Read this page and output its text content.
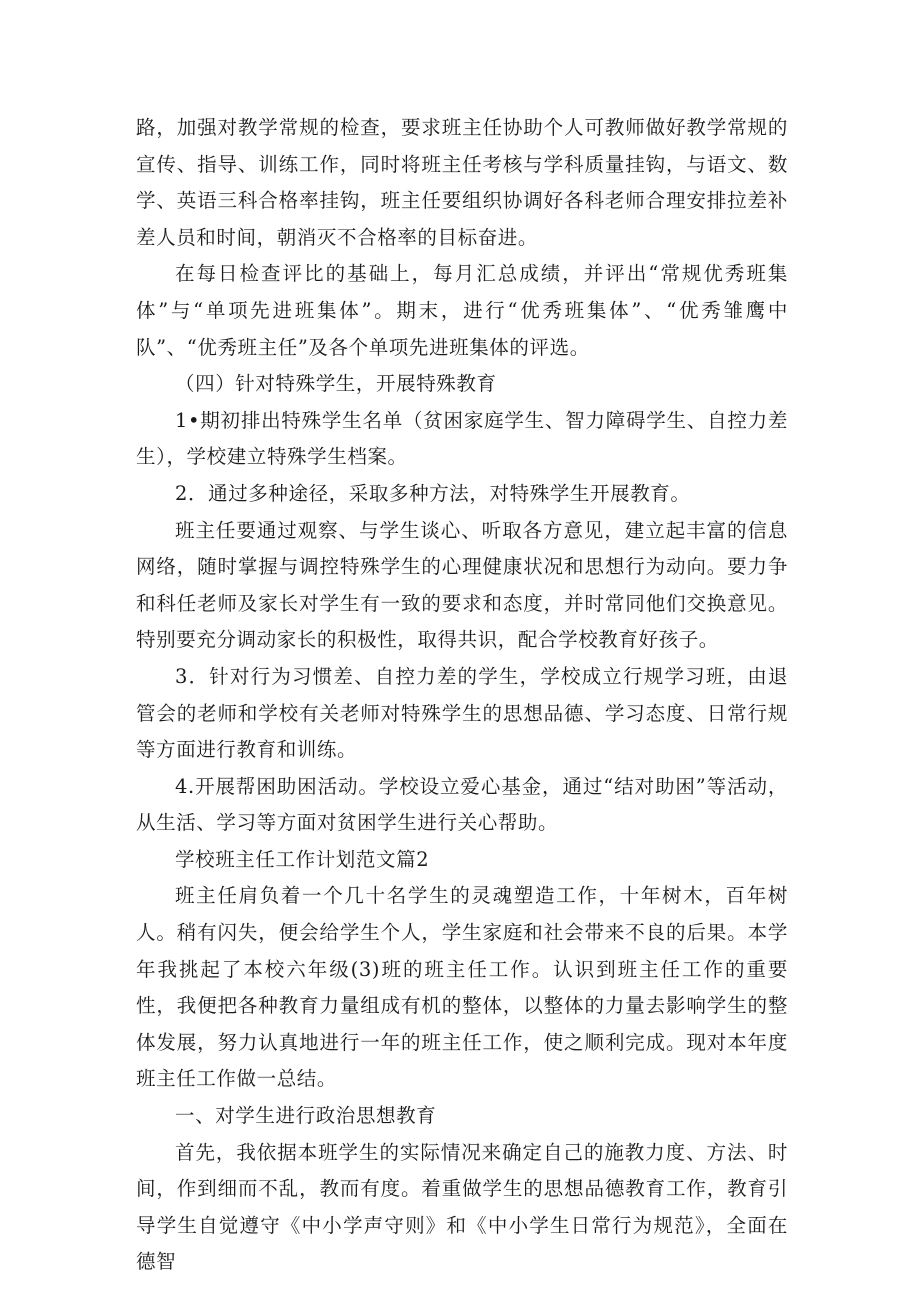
路，加强对教学常规的检查，要求班主任协助个人可教师做好教学常规的宣传、指导、训练工作，同时将班主任考核与学科质量挂钩，与语文、数学、英语三科合格率挂钩，班主任要组织协调好各科老师合理安排拉差补差人员和时间，朝消灭不合格率的目标奋进。

在每日检查评比的基础上，每月汇总成绩，并评出“常规优秀班集体”与“单项先进班集体”。期末，进行“优秀班集体”、“优秀雏鹰中队”、“优秀班主任”及各个单项先进班集体的评选。

（四）针对特殊学生，开展特殊教育

1•期初排出特殊学生名单（贫困家庭学生、智力障碍学生、自控力差生），学校建立特殊学生档案。

2．通过多种途径，采取多种方法，对特殊学生开展教育。

班主任要通过观察、与学生谈心、听取各方意见，建立起丰富的信息网络，随时掌握与调控特殊学生的心理健康状况和思想行为动向。要力争和科任老师及家长对学生有一致的要求和态度，并时常同他们交换意见。特别要充分调动家长的积极性，取得共识，配合学校教育好孩子。

3．针对行为习惯差、自控力差的学生，学校成立行规学习班，由退管会的老师和学校有关老师对特殊学生的思想品德、学习态度、日常行规等方面进行教育和训练。

4.开展帮困助困活动。学校设立爱心基金，通过“结对助困”等活动，从生活、学习等方面对贫困学生进行关心帮助。

学校班主任工作计划范文篇2

班主任肩负着一个几十名学生的灵魂塑造工作，十年树木，百年树人。稍有闪失，便会给学生个人，学生家庭和社会带来不良的后果。本学年我挑起了本校六年级(3)班的班主任工作。认识到班主任工作的重要性，我便把各种教育力量组成有机的整体，以整体的力量去影响学生的整体发展，努力认真地进行一年的班主任工作，使之顺利完成。现对本年度班主任工作做一总结。

一、对学生进行政治思想教育

首先，我依据本班学生的实际情况来确定自己的施教力度、方法、时间，作到细而不乱，教而有度。着重做学生的思想品德教育工作，教育引导学生自觉遵守《中小学声守则》和《中小学生日常行为规范》，全面在德智
